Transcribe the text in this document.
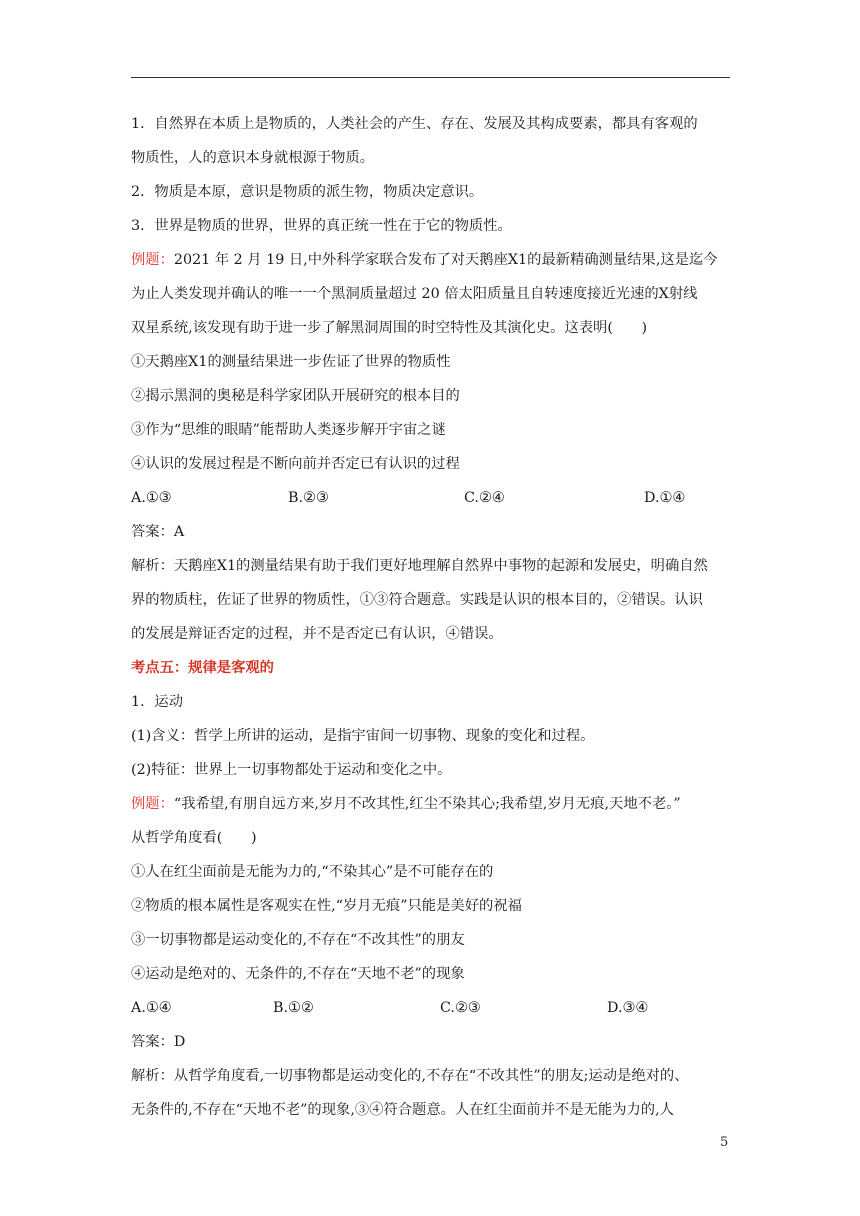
1．自然界在本质上是物质的，人类社会的产生、存在、发展及其构成要素，都具有客观的

物质性，人的意识本身就根源于物质。

2．物质是本原，意识是物质的派生物，物质决定意识。

3．世界是物质的世界，世界的真正统一性在于它的物质性。

例题：2021 年 2 月 19 日,中外科学家联合发布了对天鹅座X1的最新精确测量结果,这是迄今

为止人类发现并确认的唯一一个黑洞质量超过 20 倍太阳质量且自转速度接近光速的X射线

双星系统,该发现有助于进一步了解黑洞周围的时空特性及其演化史。这表明(　　)

①天鹅座X1的测量结果进一步佐证了世界的物质性

②揭示黑洞的奥秘是科学家团队开展研究的根本目的

③作为“思维的眼睛”能帮助人类逐步解开宇宙之谜

④认识的发展过程是不断向前并否定已有认识的过程

A.①③	B.②③	C.②④	D.①④

答案：A

解析：天鹅座X1的测量结果有助于我们更好地理解自然界中事物的起源和发展史，明确自然

界的物质柱，佐证了世界的物质性，①③符合题意。实践是认识的根本目的，②错误。认识

的发展是辩证否定的过程，并不是否定已有认识，④错误。

考点五：规律是客观的

1．运动

(1)含义：哲学上所讲的运动，是指宇宙间一切事物、现象的变化和过程。

(2)特征：世界上一切事物都处于运动和变化之中。

例题：“我希望,有朋自远方来,岁月不改其性,红尘不染其心;我希望,岁月无痕,天地不老。”

从哲学角度看(　　)

①人在红尘面前是无能为力的,“不染其心”是不可能存在的

②物质的根本属性是客观实在性,“岁月无痕”只能是美好的祝福

③一切事物都是运动变化的,不存在“不改其性”的朋友

④运动是绝对的、无条件的,不存在“天地不老”的现象

A.①④	B.①②	C.②③	D.③④

答案：D

解析：从哲学角度看,一切事物都是运动变化的,不存在“不改其性”的朋友;运动是绝对的、

无条件的,不存在“天地不老”的现象,③④符合题意。人在红尘面前并不是无能为力的,人

5
